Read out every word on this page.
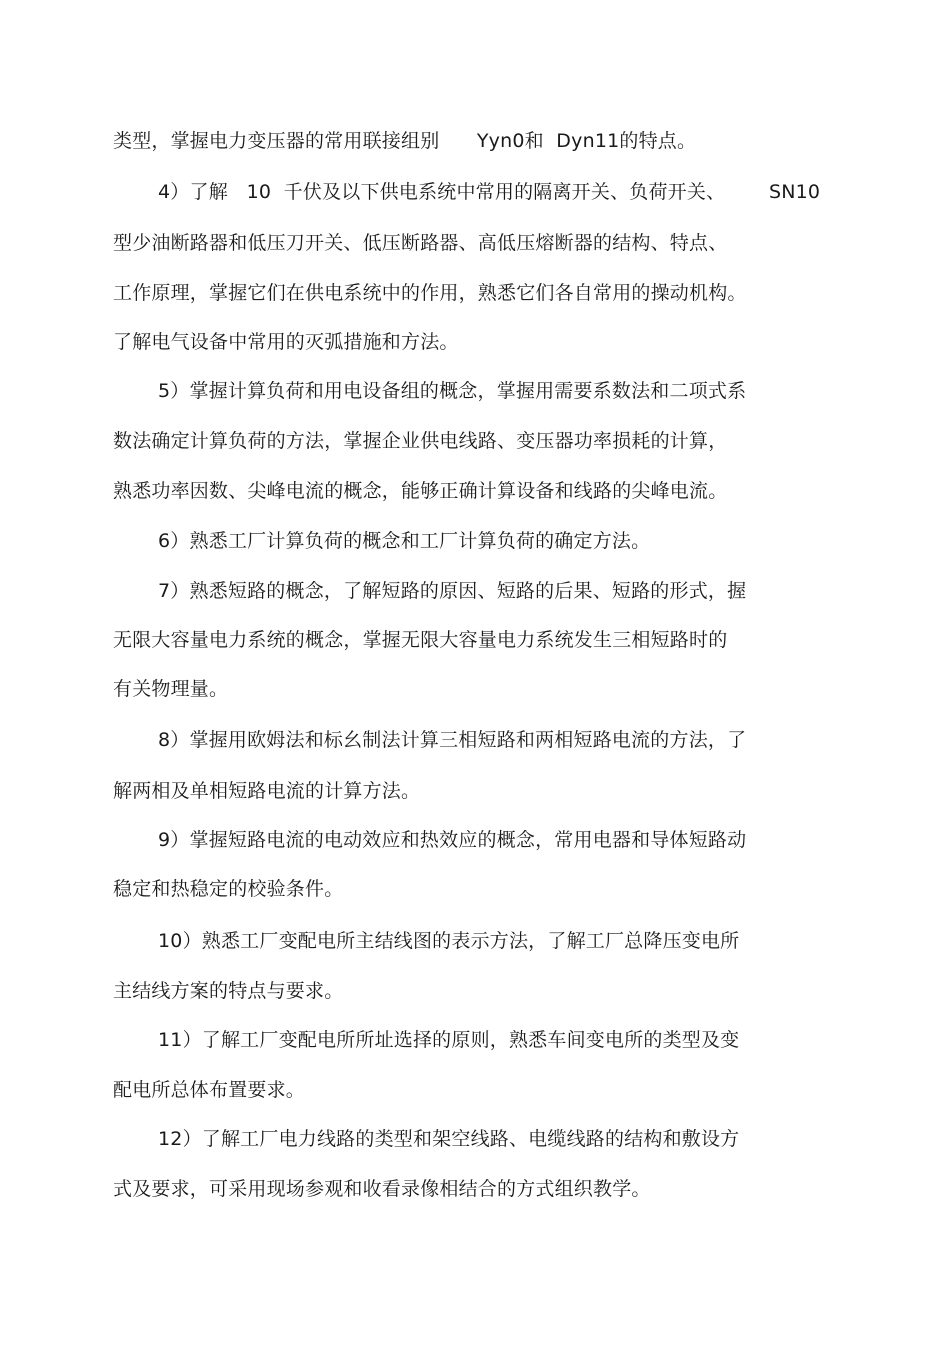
类型，掌握电力变压器的常用联接组别      Yyn0和  Dyn11的特点。
4）了解   10  千伏及以下供电系统中常用的隔离开关、负荷开关、       SN10
型少油断路器和低压刀开关、低压断路器、高低压熔断器的结构、特点、
工作原理，掌握它们在供电系统中的作用，熟悉它们各自常用的操动机构。
了解电气设备中常用的灭弧措施和方法。
5）掌握计算负荷和用电设备组的概念，掌握用需要系数法和二项式系
数法确定计算负荷的方法，掌握企业供电线路、变压器功率损耗的计算，
熟悉功率因数、尖峰电流的概念，能够正确计算设备和线路的尖峰电流。
6）熟悉工厂计算负荷的概念和工厂计算负荷的确定方法。
7）熟悉短路的概念，了解短路的原因、短路的后果、短路的形式，握
无限大容量电力系统的概念，掌握无限大容量电力系统发生三相短路时的
有关物理量。
8）掌握用欧姆法和标幺制法计算三相短路和两相短路电流的方法，了
解两相及单相短路电流的计算方法。
9）掌握短路电流的电动效应和热效应的概念，常用电器和导体短路动
稳定和热稳定的校验条件。
10）熟悉工厂变配电所主结线图的表示方法，了解工厂总降压变电所
主结线方案的特点与要求。
11）了解工厂变配电所所址选择的原则，熟悉车间变电所的类型及变
配电所总体布置要求。
12）了解工厂电力线路的类型和架空线路、电缆线路的结构和敷设方
式及要求，可采用现场参观和收看录像相结合的方式组织教学。
